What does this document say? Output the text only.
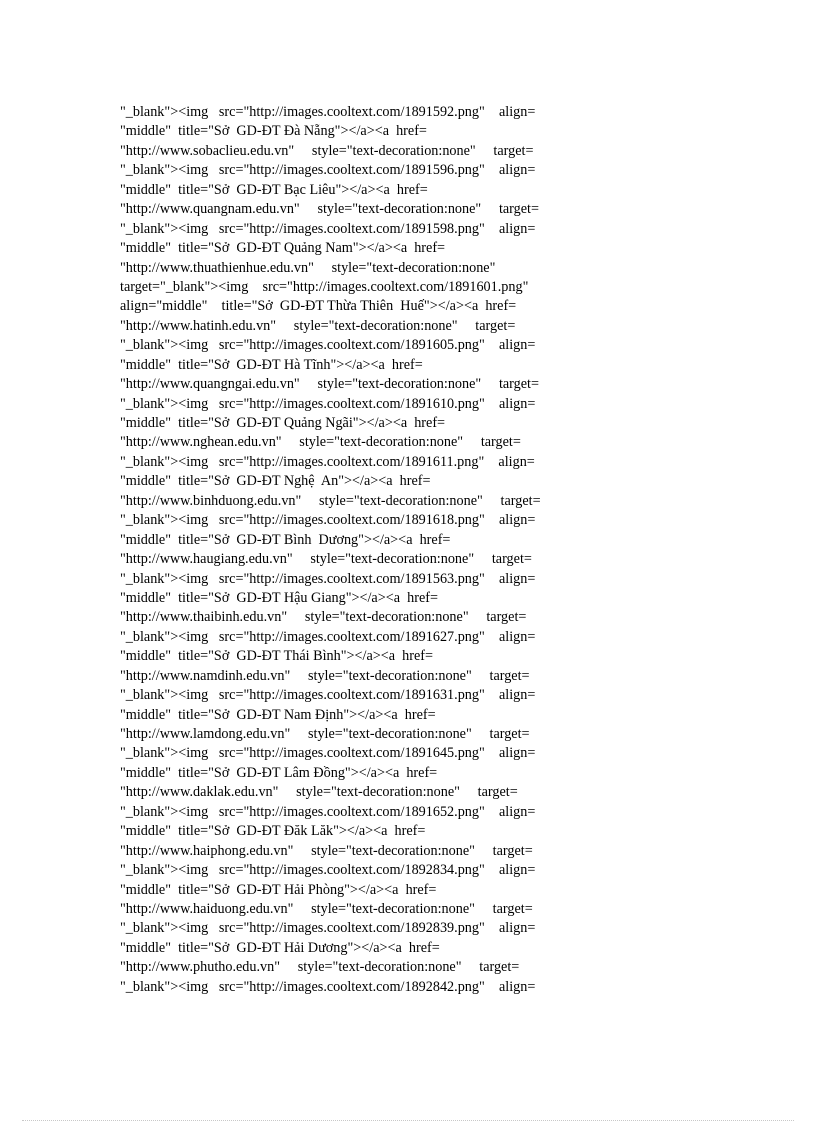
"_blank"><img   src="http://images.cooltext.com/1891592.png"    align=
"middle"  title="Sở  GD-ĐT Đà Nẵng"></a><a  href=
"http://www.sobaclieu.edu.vn"     style="text-decoration:none"     target=
"_blank"><img   src="http://images.cooltext.com/1891596.png"    align=
"middle"  title="Sở  GD-ĐT Bạc Liêu"></a><a  href=
"http://www.quangnam.edu.vn"     style="text-decoration:none"     target=
"_blank"><img   src="http://images.cooltext.com/1891598.png"    align=
"middle"  title="Sở  GD-ĐT Quảng Nam"></a><a  href=
"http://www.thuathienhue.edu.vn"     style="text-decoration:none"
target="_blank"><img    src="http://images.cooltext.com/1891601.png"
align="middle"    title="Sở  GD-ĐT Thừa Thiên  Huế"></a><a  href=
"http://www.hatinh.edu.vn"     style="text-decoration:none"     target=
"_blank"><img   src="http://images.cooltext.com/1891605.png"    align=
"middle"  title="Sở  GD-ĐT Hà Tĩnh"></a><a  href=
"http://www.quangngai.edu.vn"     style="text-decoration:none"     target=
"_blank"><img   src="http://images.cooltext.com/1891610.png"    align=
"middle"  title="Sở  GD-ĐT Quảng Ngãi"></a><a  href=
"http://www.nghean.edu.vn"     style="text-decoration:none"     target=
"_blank"><img   src="http://images.cooltext.com/1891611.png"    align=
"middle"  title="Sở  GD-ĐT Nghệ  An"></a><a  href=
"http://www.binhduong.edu.vn"     style="text-decoration:none"     target=
"_blank"><img   src="http://images.cooltext.com/1891618.png"    align=
"middle"  title="Sở  GD-ĐT Bình  Dương"></a><a  href=
"http://www.haugiang.edu.vn"     style="text-decoration:none"     target=
"_blank"><img   src="http://images.cooltext.com/1891563.png"    align=
"middle"  title="Sở  GD-ĐT Hậu Giang"></a><a  href=
"http://www.thaibinh.edu.vn"     style="text-decoration:none"     target=
"_blank"><img   src="http://images.cooltext.com/1891627.png"    align=
"middle"  title="Sở  GD-ĐT Thái Bình"></a><a  href=
"http://www.namdinh.edu.vn"     style="text-decoration:none"     target=
"_blank"><img   src="http://images.cooltext.com/1891631.png"    align=
"middle"  title="Sở  GD-ĐT Nam Định"></a><a  href=
"http://www.lamdong.edu.vn"     style="text-decoration:none"     target=
"_blank"><img   src="http://images.cooltext.com/1891645.png"    align=
"middle"  title="Sở  GD-ĐT Lâm Đồng"></a><a  href=
"http://www.daklak.edu.vn"     style="text-decoration:none"     target=
"_blank"><img   src="http://images.cooltext.com/1891652.png"    align=
"middle"  title="Sở  GD-ĐT Đăk Lăk"></a><a  href=
"http://www.haiphong.edu.vn"     style="text-decoration:none"     target=
"_blank"><img   src="http://images.cooltext.com/1892834.png"    align=
"middle"  title="Sở  GD-ĐT Hải Phòng"></a><a  href=
"http://www.haiduong.edu.vn"     style="text-decoration:none"     target=
"_blank"><img   src="http://images.cooltext.com/1892839.png"    align=
"middle"  title="Sở  GD-ĐT Hải Dương"></a><a  href=
"http://www.phutho.edu.vn"     style="text-decoration:none"     target=
"_blank"><img   src="http://images.cooltext.com/1892842.png"    align=
